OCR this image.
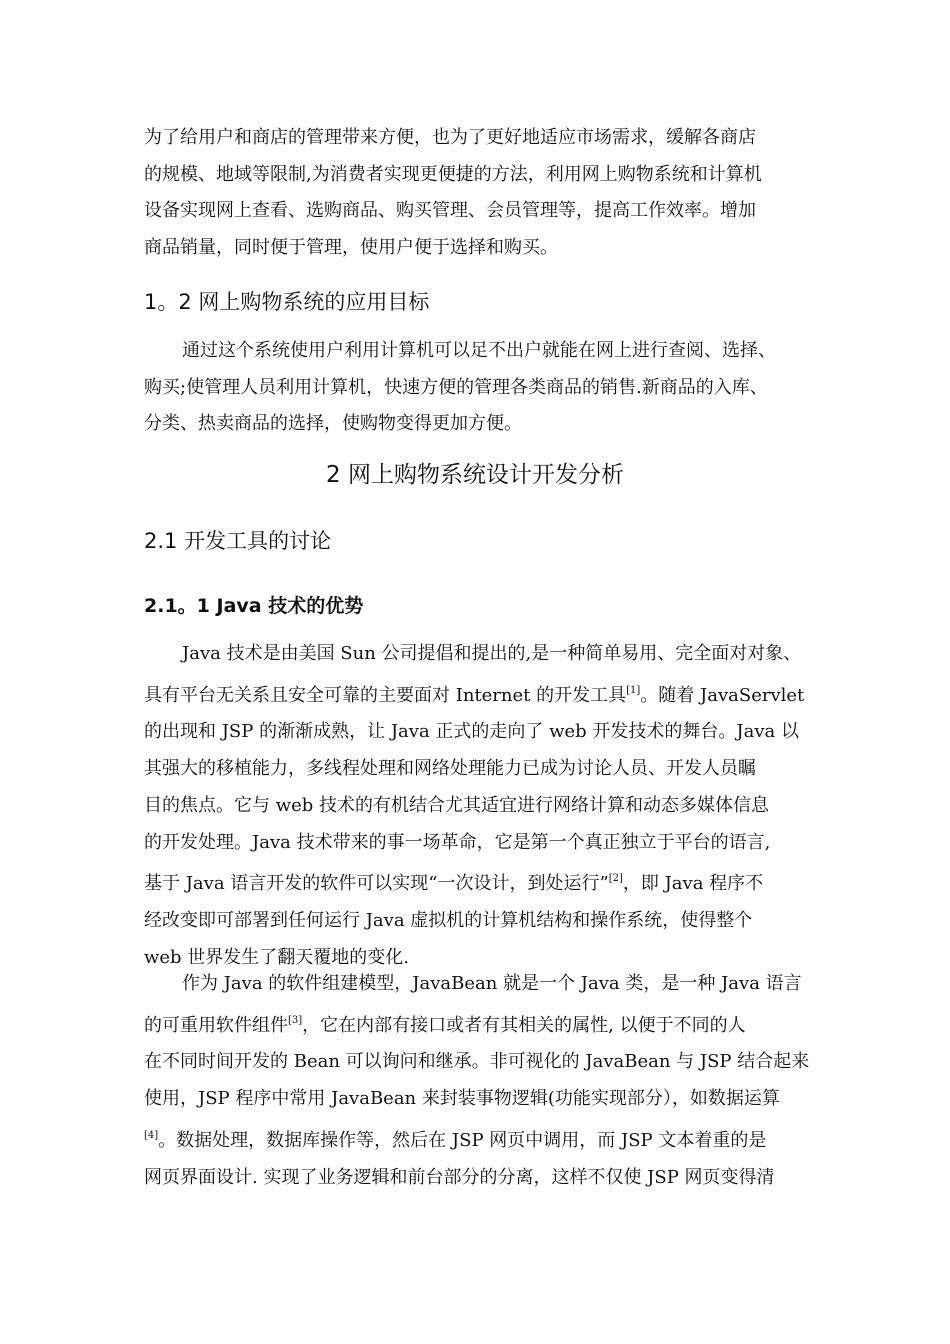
为了给用户和商店的管理带来方便，也为了更好地适应市场需求，缓解各商店
的规模、地域等限制,为消费者实现更便捷的方法，利用网上购物系统和计算机
设备实现网上查看、选购商品、购买管理、会员管理等，提高工作效率。增加
商品销量，同时便于管理，使用户便于选择和购买。
1。2 网上购物系统的应用目标
通过这个系统使用户利用计算机可以足不出户就能在网上进行查阅、选择、
购买;使管理人员利用计算机，快速方便的管理各类商品的销售.新商品的入库、
分类、热卖商品的选择，使购物变得更加方便。
2 网上购物系统设计开发分析
2.1 开发工具的讨论
2.1。1 Java 技术的优势
Java 技术是由美国 Sun 公司提倡和提出的,是一种简单易用、完全面对对象、
具有平台无关系且安全可靠的主要面对 Internet 的开发工具[1]。随着 JavaServlet
的出现和 JSP 的渐渐成熟，让 Java 正式的走向了 web 开发技术的舞台。Java 以
其强大的移植能力，多线程处理和网络处理能力已成为讨论人员、开发人员瞩
目的焦点。它与 web 技术的有机结合尤其适宜进行网络计算和动态多媒体信息
的开发处理。Java 技术带来的事一场革命，它是第一个真正独立于平台的语言,
基于 Java 语言开发的软件可以实现“一次设计，到处运行”[2]，即 Java 程序不
经改变即可部署到任何运行 Java 虚拟机的计算机结构和操作系统，使得整个
web 世界发生了翻天覆地的变化.
作为 Java 的软件组建模型，JavaBean 就是一个 Java 类，是一种 Java 语言
的可重用软件组件[3]，它在内部有接口或者有其相关的属性, 以便于不同的人
在不同时间开发的 Bean 可以询问和继承。非可视化的 JavaBean 与 JSP 结合起来
使用，JSP 程序中常用 JavaBean 来封装事物逻辑(功能实现部分），如数据运算
[4]。数据处理，数据库操作等，然后在 JSP 网页中调用，而 JSP 文本着重的是
网页界面设计. 实现了业务逻辑和前台部分的分离，这样不仅使 JSP 网页变得清
